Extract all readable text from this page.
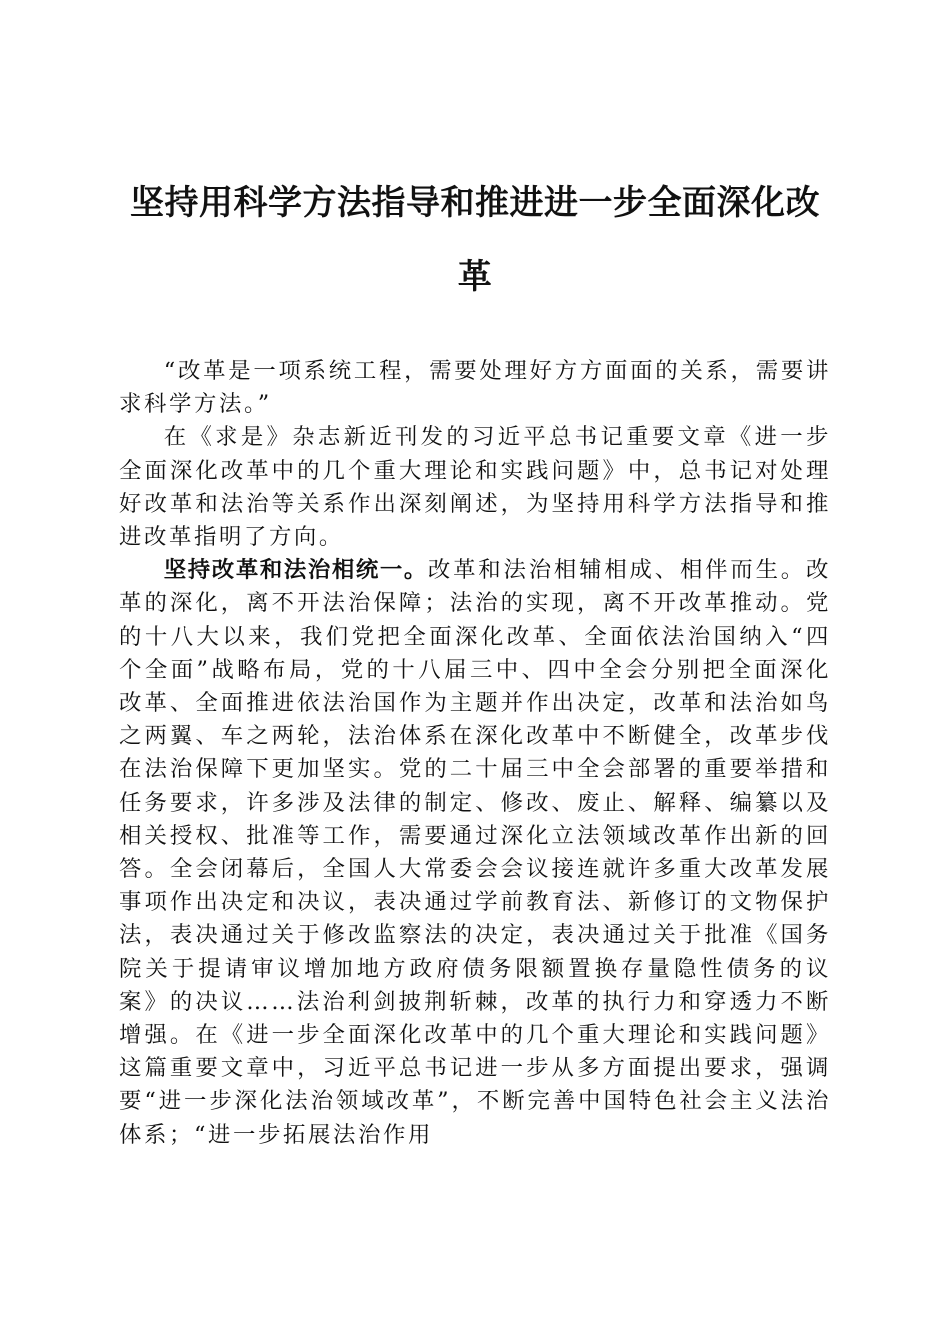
坚持用科学方法指导和推进进一步全面深化改革

“改革是一项系统工程，需要处理好方方面面的关系，需要讲求科学方法。”

在《求是》杂志新近刊发的习近平总书记重要文章《进一步全面深化改革中的几个重大理论和实践问题》中，总书记对处理好改革和法治等关系作出深刻阐述，为坚持用科学方法指导和推进改革指明了方向。

坚持改革和法治相统一。改革和法治相辅相成、相伴而生。改革的深化，离不开法治保障；法治的实现，离不开改革推动。党的十八大以来，我们党把全面深化改革、全面依法治国纳入“四个全面”战略布局，党的十八届三中、四中全会分别把全面深化改革、全面推进依法治国作为主题并作出决定，改革和法治如鸟之两翼、车之两轮，法治体系在深化改革中不断健全，改革步伐在法治保障下更加坚实。党的二十届三中全会部署的重要举措和任务要求，许多涉及法律的制定、修改、废止、解释、编纂以及相关授权、批准等工作，需要通过深化立法领域改革作出新的回答。全会闭幕后，全国人大常委会会议接连就许多重大改革发展事项作出决定和决议，表决通过学前教育法、新修订的文物保护法，表决通过关于修改监察法的决定，表决通过关于批准《国务院关于提请审议增加地方政府债务限额置换存量隐性债务的议案》的决议……法治利剑披荆斩棘，改革的执行力和穿透力不断增强。在《进一步全面深化改革中的几个重大理论和实践问题》这篇重要文章中，习近平总书记进一步从多方面提出要求，强调要“进一步深化法治领域改革”，不断完善中国特色社会主义法治体系；“进一步拓展法治作用
